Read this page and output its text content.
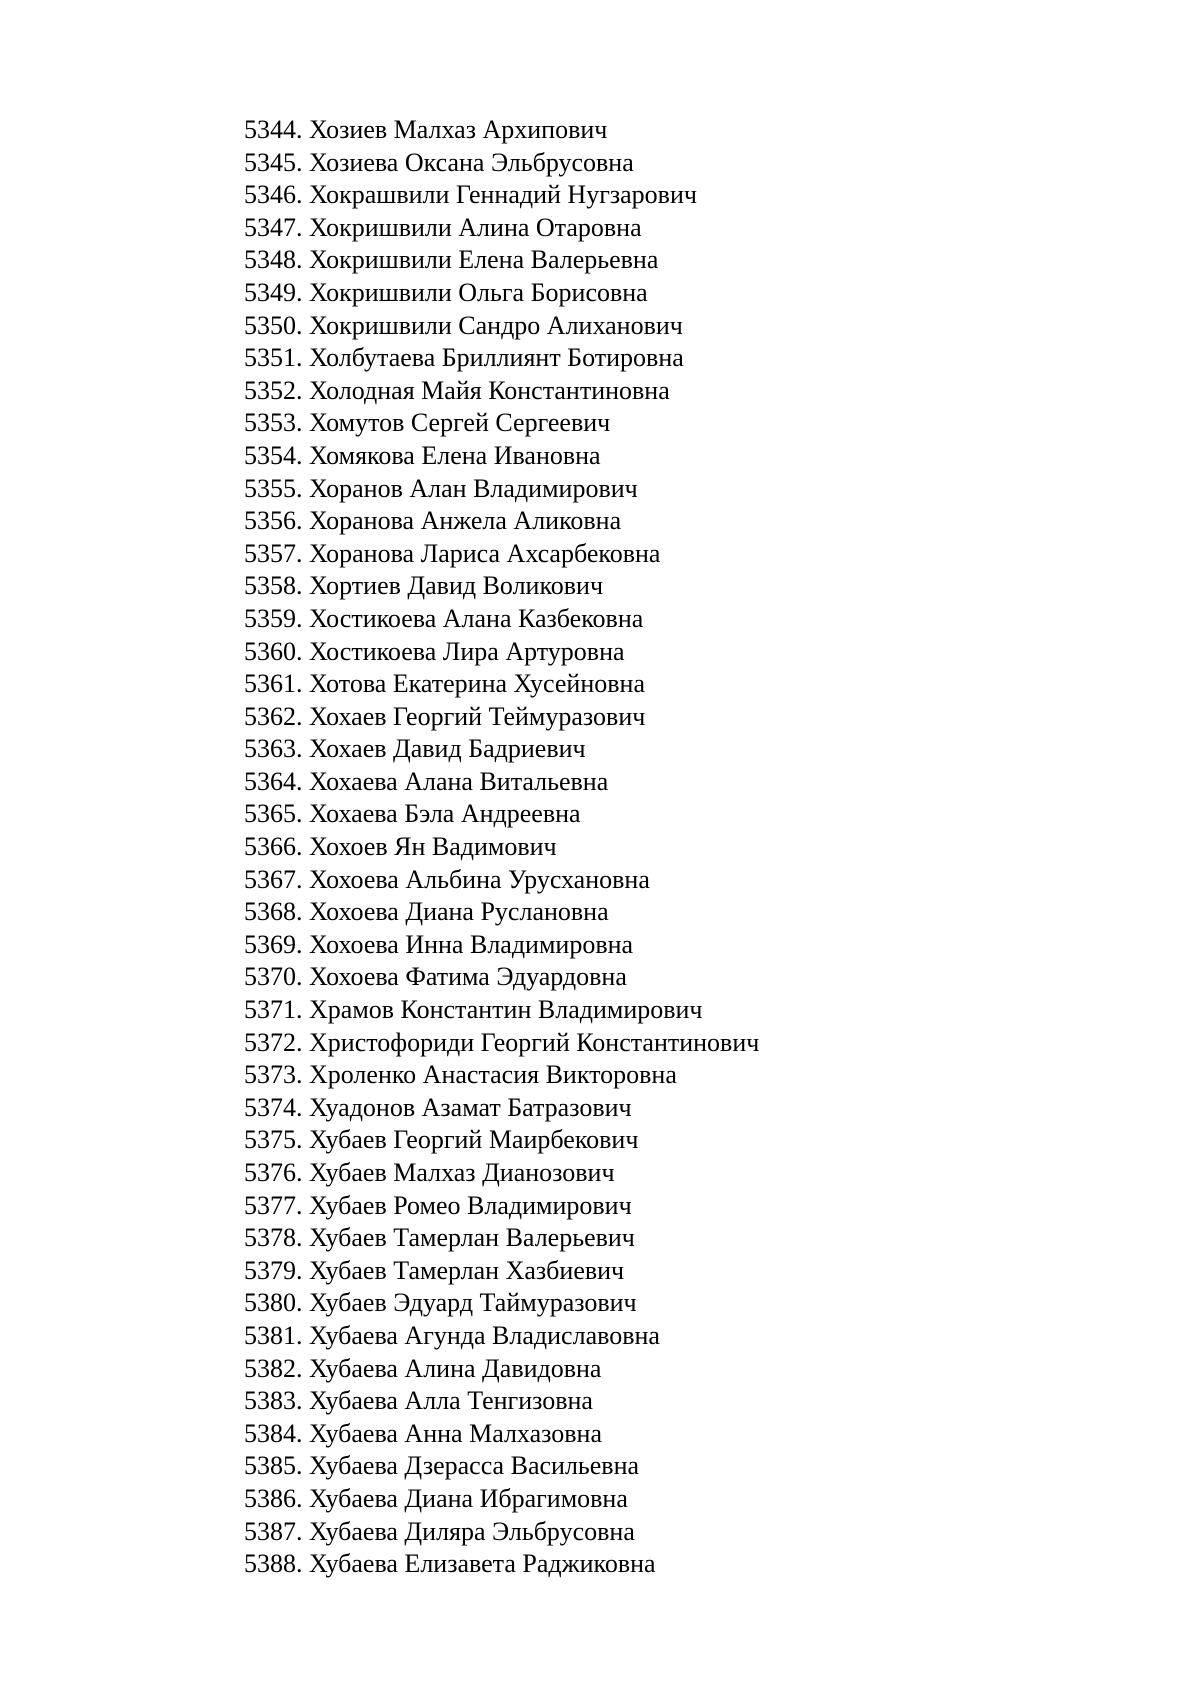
5344. Хозиев Малхаз Архипович
5345. Хозиева Оксана Эльбрусовна
5346. Хокрашвили Геннадий Нугзарович
5347. Хокришвили Алина Отаровна
5348. Хокришвили Елена Валерьевна
5349. Хокришвили Ольга Борисовна
5350. Хокришвили Сандро Алиханович
5351. Холбутаева Бриллиянт Ботировна
5352. Холодная Майя Константиновна
5353. Хомутов Сергей Сергеевич
5354. Хомякова Елена Ивановна
5355. Хоранов Алан Владимирович
5356. Хоранова Анжела Аликовна
5357. Хоранова Лариса Ахсарбековна
5358. Хортиев Давид Воликович
5359. Хостикоева Алана Казбековна
5360. Хостикоева Лира Артуровна
5361. Хотова Екатерина Хусейновна
5362. Хохаев Георгий Теймуразович
5363. Хохаев Давид Бадриевич
5364. Хохаева Алана Витальевна
5365. Хохаева Бэла Андреевна
5366. Хохоев Ян Вадимович
5367. Хохоева Альбина Урусхановна
5368. Хохоева Диана Руслановна
5369. Хохоева Инна Владимировна
5370. Хохоева Фатима Эдуардовна
5371. Храмов Константин Владимирович
5372. Христофориди Георгий Константинович
5373. Хроленко Анастасия Викторовна
5374. Хуадонов Азамат Батразович
5375. Хубаев Георгий Маирбекович
5376. Хубаев Малхаз Дианозович
5377. Хубаев Ромео Владимирович
5378. Хубаев Тамерлан Валерьевич
5379. Хубаев Тамерлан Хазбиевич
5380. Хубаев Эдуард Таймуразович
5381. Хубаева Агунда Владиславовна
5382. Хубаева Алина Давидовна
5383. Хубаева Алла Тенгизовна
5384. Хубаева Анна Малхазовна
5385. Хубаева Дзерасса Васильевна
5386. Хубаева Диана Ибрагимовна
5387. Хубаева Диляра Эльбрусовна
5388. Хубаева Елизавета Раджиковна
